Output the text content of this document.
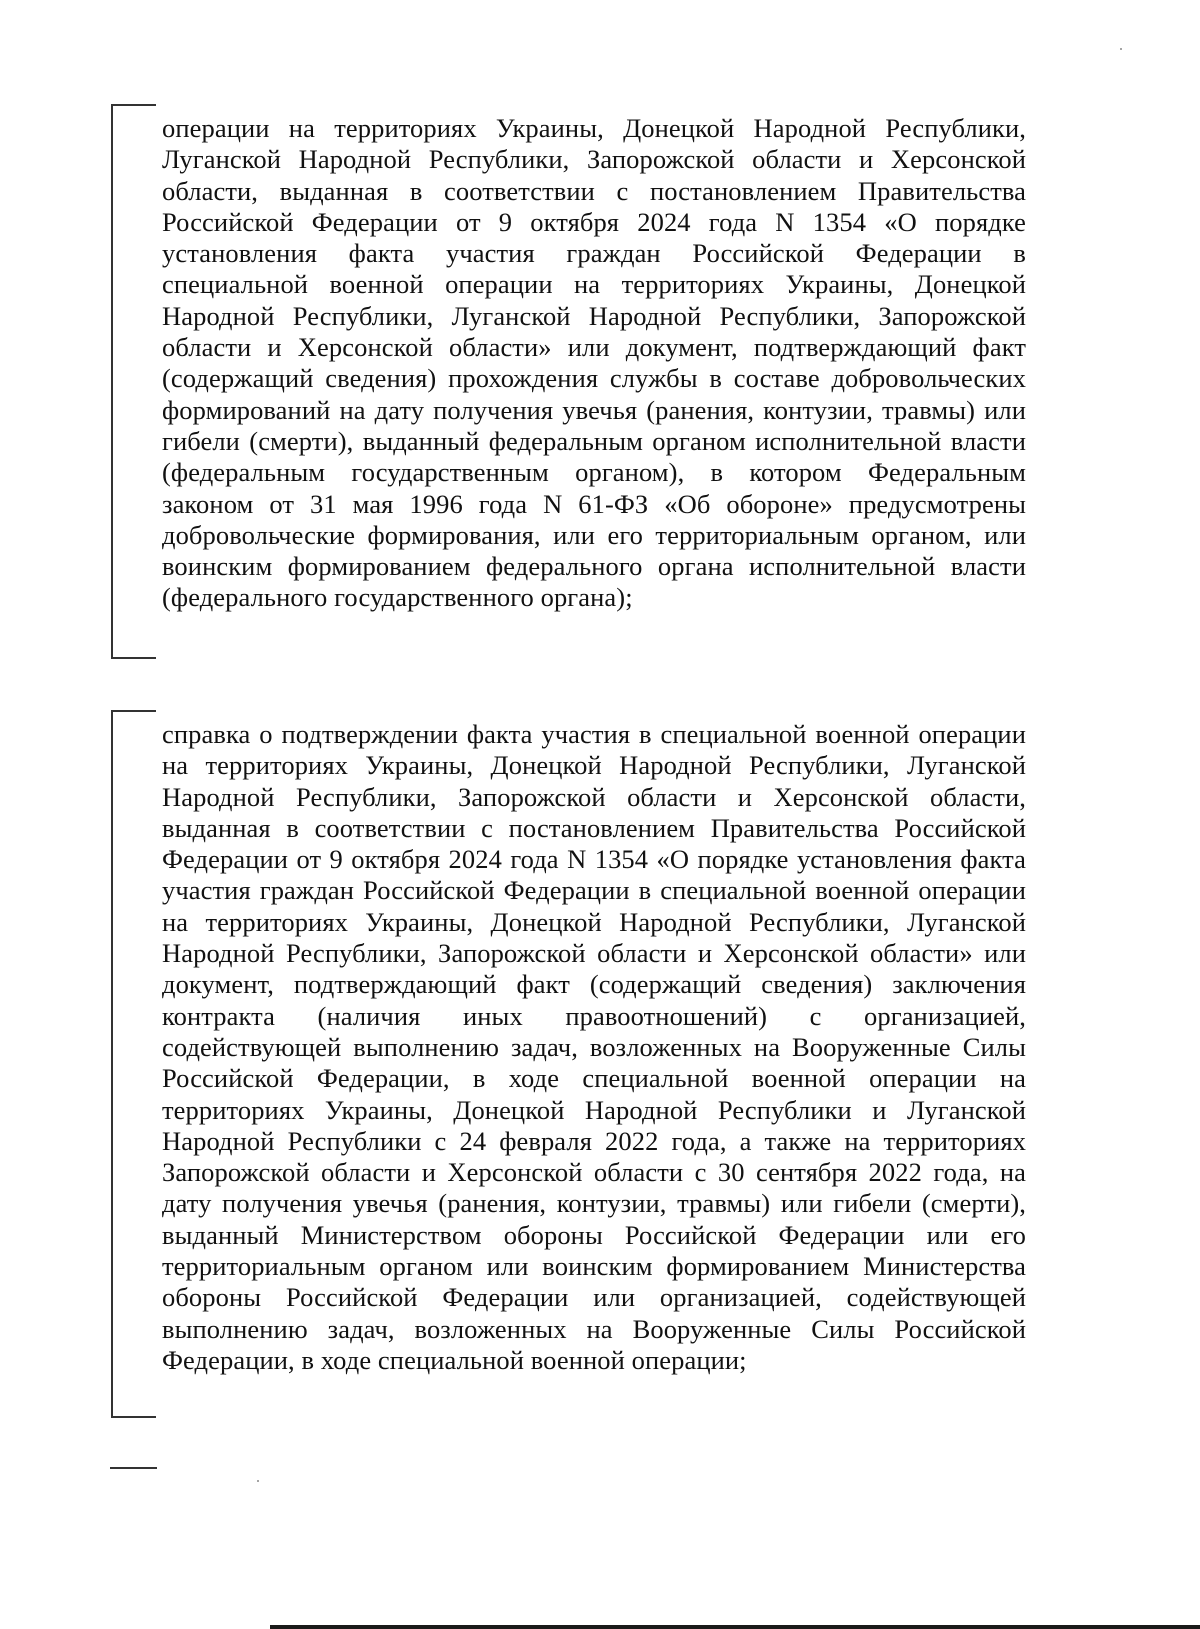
операции на территориях Украины, Донецкой Народной Республики, Луганской Народной Республики, Запорожской области и Херсонской области, выданная в соответствии с постановлением Правительства Российской Федерации от 9 октября 2024 года N 1354 «О порядке установления факта участия граждан Российской Федерации в специальной военной операции на территориях Украины, Донецкой Народной Республики, Луганской Народной Республики, Запорожской области и Херсонской области» или документ, подтверждающий факт (содержащий сведения) прохождения службы в составе добровольческих формирований на дату получения увечья (ранения, контузии, травмы) или гибели (смерти), выданный федеральным органом исполнительной власти (федеральным государственным органом), в котором Федеральным законом от 31 мая 1996 года N 61-ФЗ «Об обороне» предусмотрены добровольческие формирования, или его территориальным органом, или воинским формированием федерального органа исполнительной власти (федерального государственного органа);

справка о подтверждении факта участия в специальной военной операции на территориях Украины, Донецкой Народной Республики, Луганской Народной Республики, Запорожской области и Херсонской области, выданная в соответствии с постановлением Правительства Российской Федерации от 9 октября 2024 года N 1354 «О порядке установления факта участия граждан Российской Федерации в специальной военной операции на территориях Украины, Донецкой Народной Республики, Луганской Народной Республики, Запорожской области и Херсонской области» или документ, подтверждающий факт (содержащий сведения) заключения контракта (наличия иных правоотношений) с организацией, содействующей выполнению задач, возложенных на Вооруженные Силы Российской Федерации, в ходе специальной военной операции на территориях Украины, Донецкой Народной Республики и Луганской Народной Республики с 24 февраля 2022 года, а также на территориях Запорожской области и Херсонской области с 30 сентября 2022 года, на дату получения увечья (ранения, контузии, травмы) или гибели (смерти), выданный Министерством обороны Российской Федерации или его территориальным органом или воинским формированием Министерства обороны Российской Федерации или организацией, содействующей выполнению задач, возложенных на Вооруженные Силы Российской Федерации, в ходе специальной военной операции;
